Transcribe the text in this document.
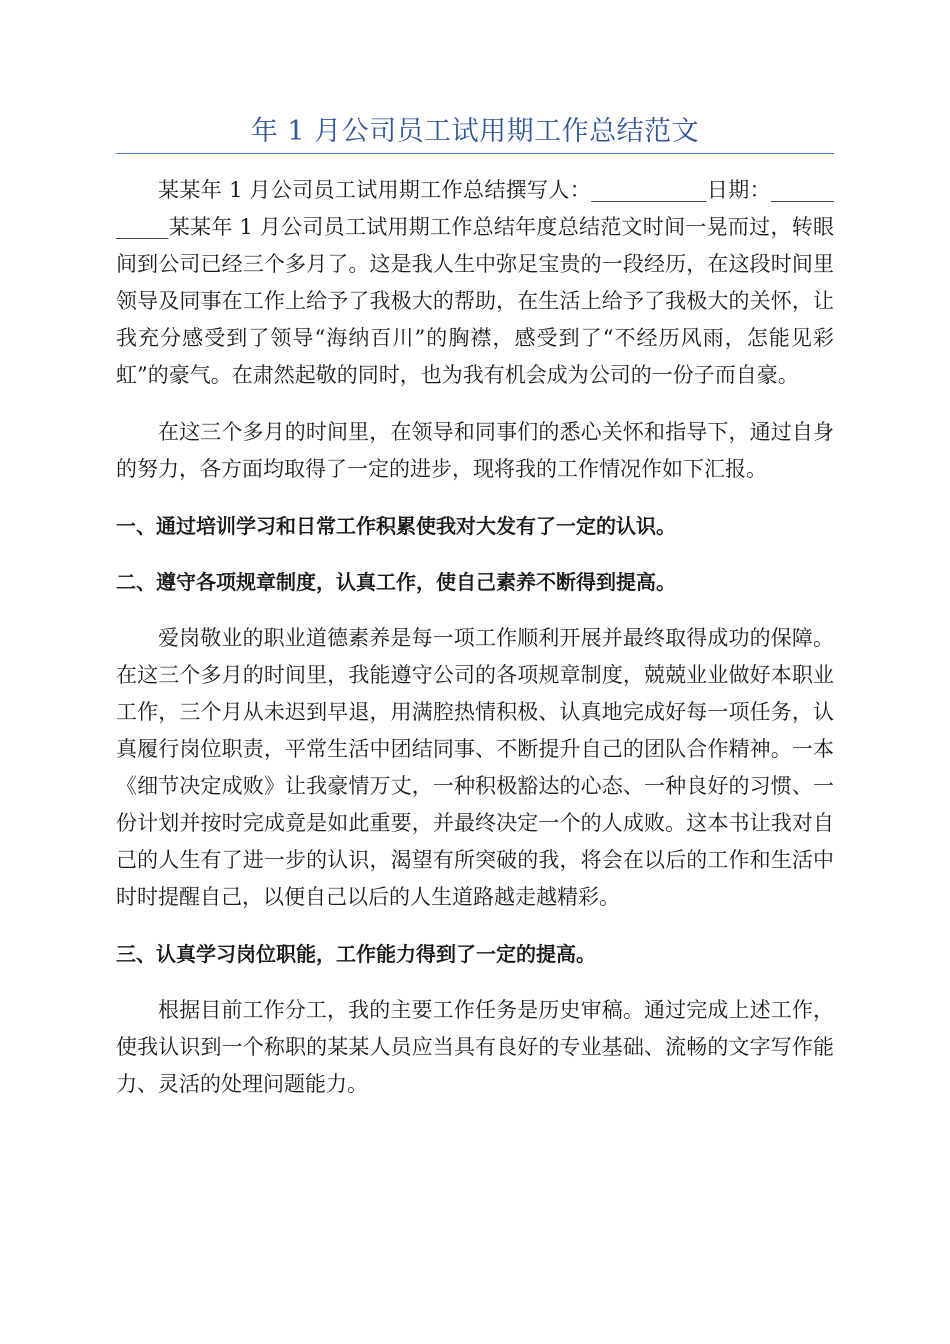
年 1 月公司员工试用期工作总结范文

某某年 1 月公司员工试用期工作总结撰写人：___________日期：___________某某年 1 月公司员工试用期工作总结年度总结范文时间一晃而过，转眼间到公司已经三个多月了。这是我人生中弥足宝贵的一段经历，在这段时间里领导及同事在工作上给予了我极大的帮助，在生活上给予了我极大的关怀，让我充分感受到了领导“海纳百川”的胸襟，感受到了“不经历风雨，怎能见彩虹”的豪气。在肃然起敬的同时，也为我有机会成为公司的一份子而自豪。

在这三个多月的时间里，在领导和同事们的悉心关怀和指导下，通过自身的努力，各方面均取得了一定的进步，现将我的工作情况作如下汇报。

一、通过培训学习和日常工作积累使我对大发有了一定的认识。

二、遵守各项规章制度，认真工作，使自己素养不断得到提高。

爱岗敬业的职业道德素养是每一项工作顺利开展并最终取得成功的保障。在这三个多月的时间里，我能遵守公司的各项规章制度，兢兢业业做好本职业工作，三个月从未迟到早退，用满腔热情积极、认真地完成好每一项任务，认真履行岗位职责，平常生活中团结同事、不断提升自己的团队合作精神。一本《细节决定成败》让我豪情万丈，一种积极豁达的心态、一种良好的习惯、一份计划并按时完成竟是如此重要，并最终决定一个的人成败。这本书让我对自己的人生有了进一步的认识，渴望有所突破的我，将会在以后的工作和生活中时时提醒自己，以便自己以后的人生道路越走越精彩。

三、认真学习岗位职能，工作能力得到了一定的提高。

根据目前工作分工，我的主要工作任务是历史审稿。通过完成上述工作，使我认识到一个称职的某某人员应当具有良好的专业基础、流畅的文字写作能力、灵活的处理问题能力。
